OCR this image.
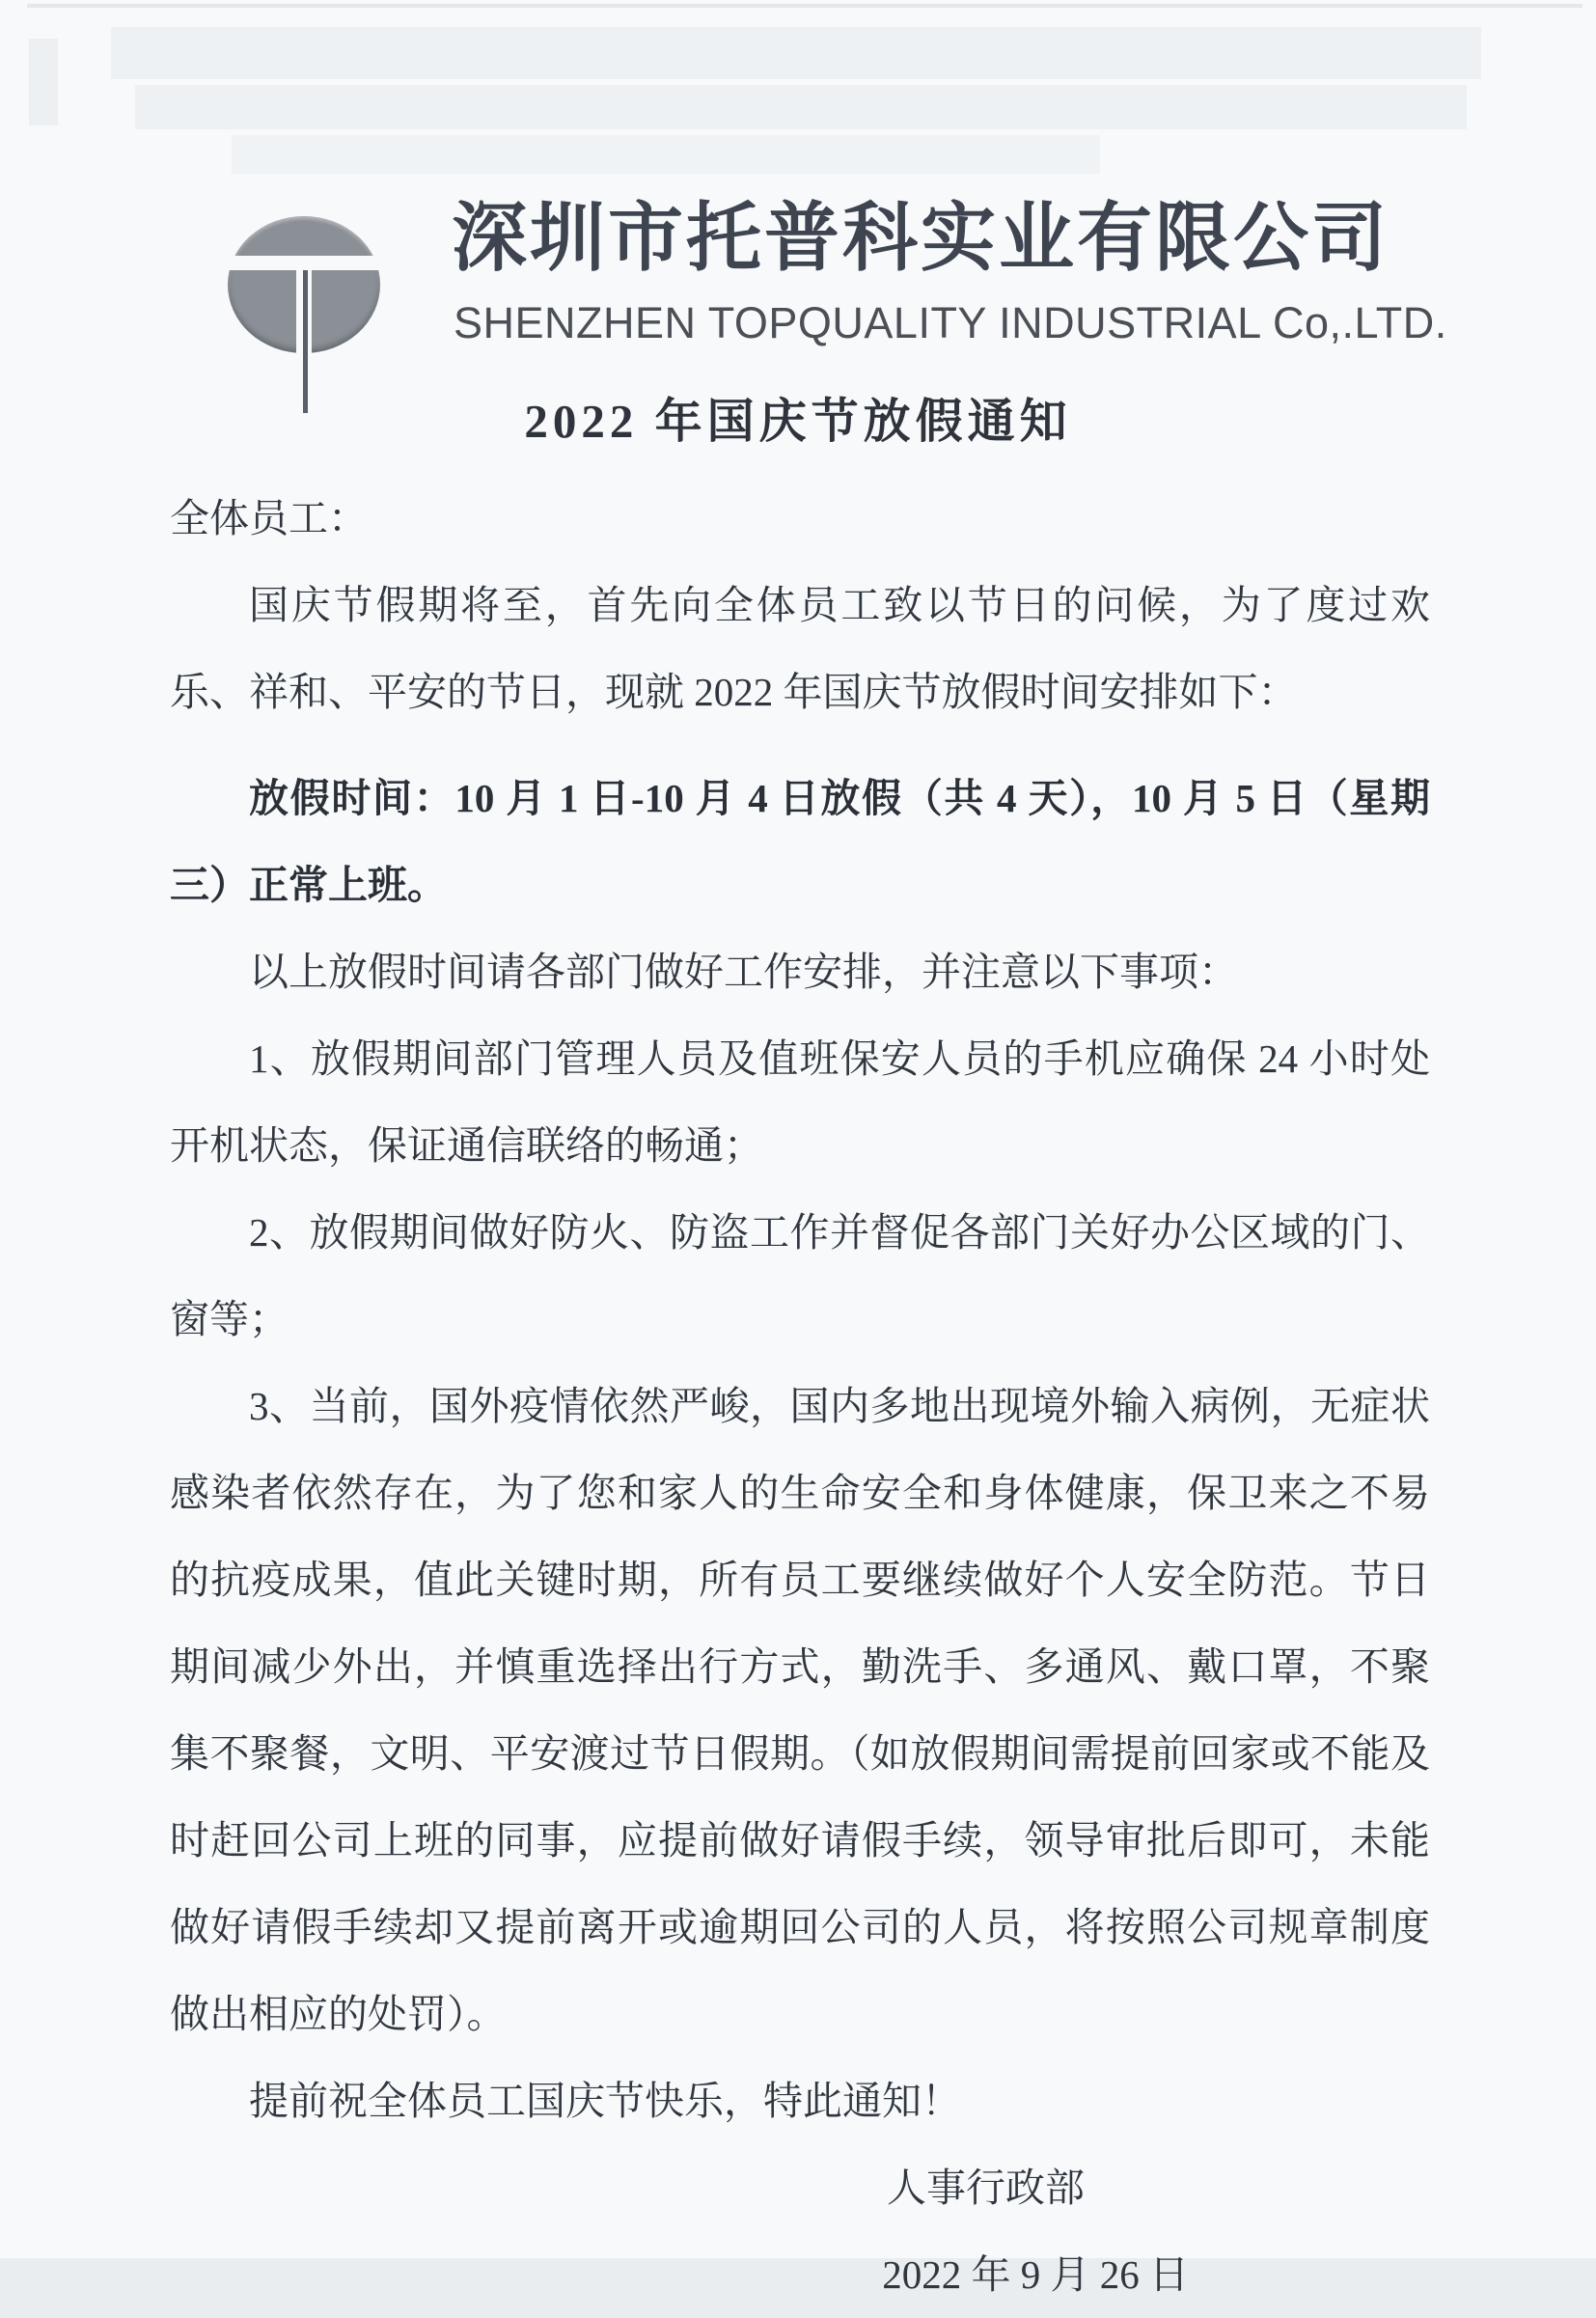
深圳市托普科实业有限公司
SHENZHEN TOPQUALITY INDUSTRIAL Co,.LTD.
2022 年国庆节放假通知

全体员工：

国庆节假期将至，首先向全体员工致以节日的问候，为了度过欢乐、祥和、平安的节日，现就 2022 年国庆节放假时间安排如下：

放假时间：10 月 1 日-10 月 4 日放假（共 4 天），10 月 5 日（星期三）正常上班。

以上放假时间请各部门做好工作安排，并注意以下事项：

1、放假期间部门管理人员及值班保安人员的手机应确保 24 小时处开机状态，保证通信联络的畅通；

2、放假期间做好防火、防盗工作并督促各部门关好办公区域的门、窗等；

3、当前，国外疫情依然严峻，国内多地出现境外输入病例，无症状感染者依然存在，为了您和家人的生命安全和身体健康，保卫来之不易的抗疫成果，值此关键时期，所有员工要继续做好个人安全防范。节日期间减少外出，并慎重选择出行方式，勤洗手、多通风、戴口罩，不聚集不聚餐，文明、平安渡过节日假期。（如放假期间需提前回家或不能及时赶回公司上班的同事，应提前做好请假手续，领导审批后即可，未能做好请假手续却又提前离开或逾期回公司的人员，将按照公司规章制度做出相应的处罚）。

提前祝全体员工国庆节快乐，特此通知！

人事行政部

2022 年 9 月 26 日
